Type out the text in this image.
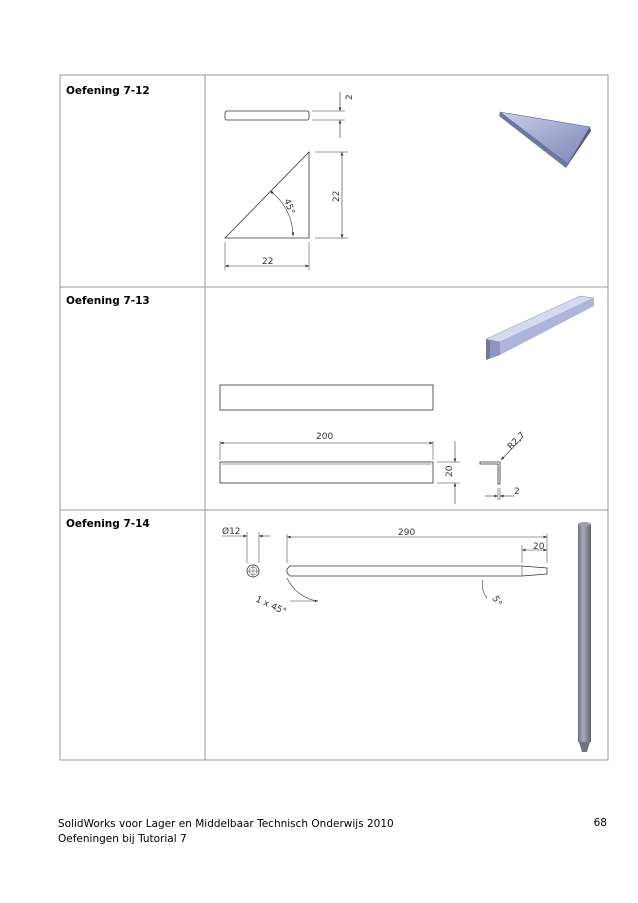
2
22
22
45°
200
20
R2,7
2
Ø12	290
20
1 x 45°	5°
Oefening 7-12
Oefening 7-13
Oefening 7-14
SolidWorks voor Lager en Middelbaar Technisch Onderwijs 2010
Oefeningen bij Tutorial 7
68
